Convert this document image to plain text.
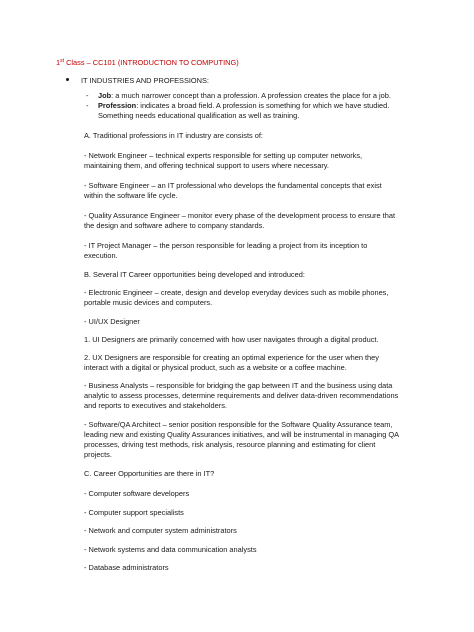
1st Class – CC101 (INTRODUCTION TO COMPUTING)
IT INDUSTRIES AND PROFESSIONS:
- Job: a much narrower concept than a profession. A profession creates the place for a job.
- Profession: indicates a broad field. A profession is something for which we have studied.
Something needs educational qualification as well as training.
A. Traditional professions in IT industry are consists of:
- Network Engineer – technical experts responsible for setting up computer networks,
maintaining them, and offering technical support to users where necessary.
- Software Engineer – an IT professional who develops the fundamental concepts that exist
within the software life cycle.
- Quality Assurance Engineer – monitor every phase of the development process to ensure that
the design and software adhere to company standards.
- IT Project Manager – the person responsible for leading a project from its inception to
execution.
B. Several IT Career opportunities being developed and introduced:
- Electronic Engineer – create, design and develop everyday devices such as mobile phones,
portable music devices and computers.
- UI/UX Designer
1. UI Designers are primarily concerned with how user navigates through a digital product.
2. UX Designers are responsible for creating an optimal experience for the user when they
interact with a digital or physical product, such as a website or a coffee machine.
- Business Analysts – responsible for bridging the gap between IT and the business using data
analytic to assess processes, determine requirements and deliver data-driven recommendations
and reports to executives and stakeholders.
- Software/QA Architect – senior position responsible for the Software Quality Assurance team,
leading new and existing Quality Assurances initiatives, and will be instrumental in managing QA
processes, driving test methods, risk analysis, resource planning and estimating for client
projects.
C. Career Opportunities are there in IT?
- Computer software developers
- Computer support specialists
- Network and computer system administrators
- Network systems and data communication analysts
- Database administrators
